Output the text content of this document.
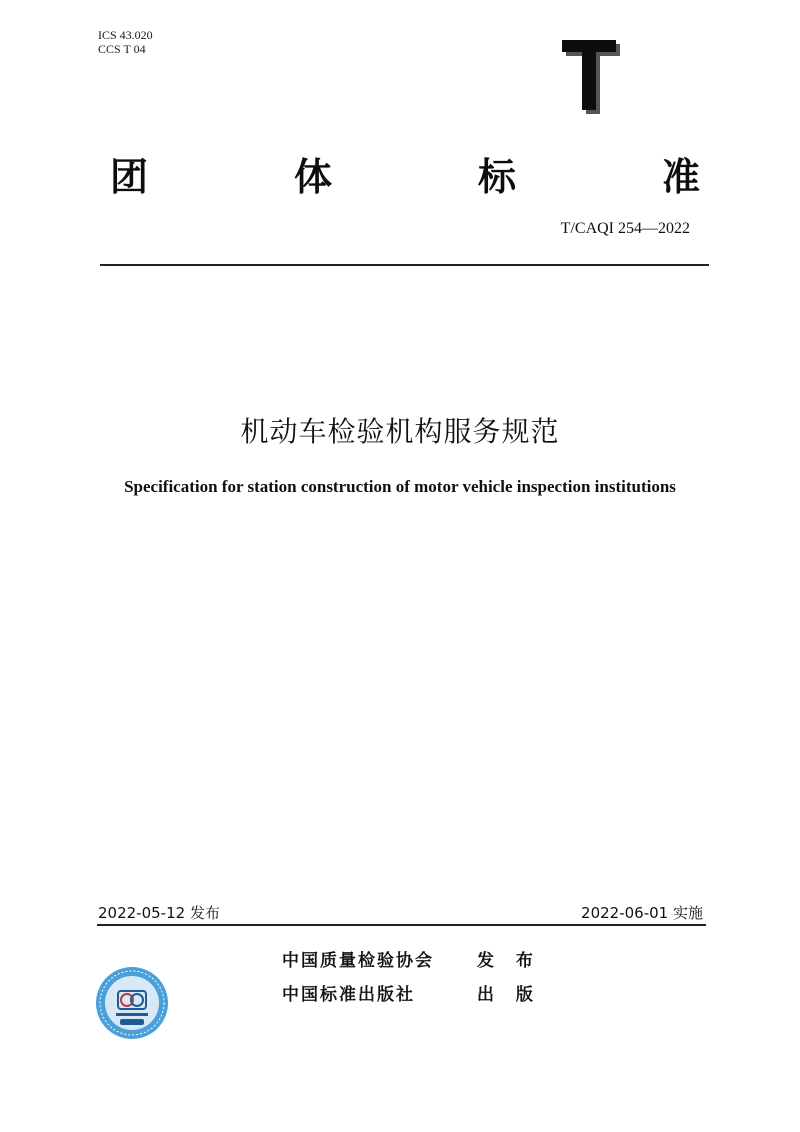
ICS 43.020
CCS T 04
团	体	标	准
T/CAQI 254—2022
机动车检验机构服务规范
Specification for station construction of motor vehicle inspection institutions
2022-05-12 发布	2022-06-01 实施
中国质量检验协会	发 布
中国标准出版社	出 版
